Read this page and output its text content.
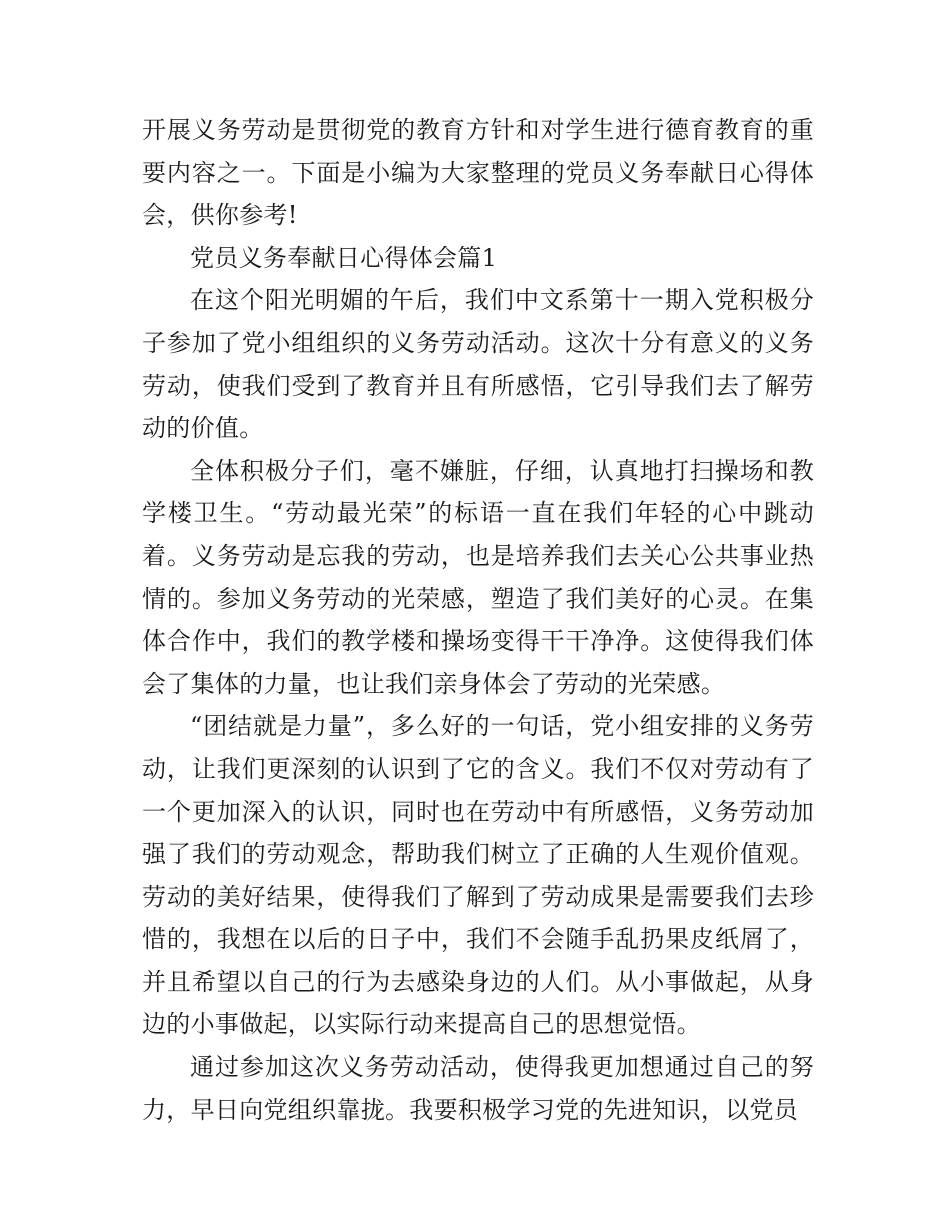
开展义务劳动是贯彻党的教育方针和对学生进行德育教育的重要内容之一。下面是小编为大家整理的党员义务奉献日心得体会，供你参考!

党员义务奉献日心得体会篇1

在这个阳光明媚的午后，我们中文系第十一期入党积极分子参加了党小组组织的义务劳动活动。这次十分有意义的义务劳动，使我们受到了教育并且有所感悟，它引导我们去了解劳动的价值。

全体积极分子们，毫不嫌脏，仔细，认真地打扫操场和教学楼卫生。“劳动最光荣”的标语一直在我们年轻的心中跳动着。义务劳动是忘我的劳动，也是培养我们去关心公共事业热情的。参加义务劳动的光荣感，塑造了我们美好的心灵。在集体合作中，我们的教学楼和操场变得干干净净。这使得我们体会了集体的力量，也让我们亲身体会了劳动的光荣感。

“团结就是力量”，多么好的一句话，党小组安排的义务劳动，让我们更深刻的认识到了它的含义。我们不仅对劳动有了一个更加深入的认识，同时也在劳动中有所感悟，义务劳动加强了我们的劳动观念，帮助我们树立了正确的人生观价值观。劳动的美好结果，使得我们了解到了劳动成果是需要我们去珍惜的，我想在以后的日子中，我们不会随手乱扔果皮纸屑了，并且希望以自己的行为去感染身边的人们。从小事做起，从身边的小事做起，以实际行动来提高自己的思想觉悟。

通过参加这次义务劳动活动，使得我更加想通过自己的努力，早日向党组织靠拢。我要积极学习党的先进知识，以党员
